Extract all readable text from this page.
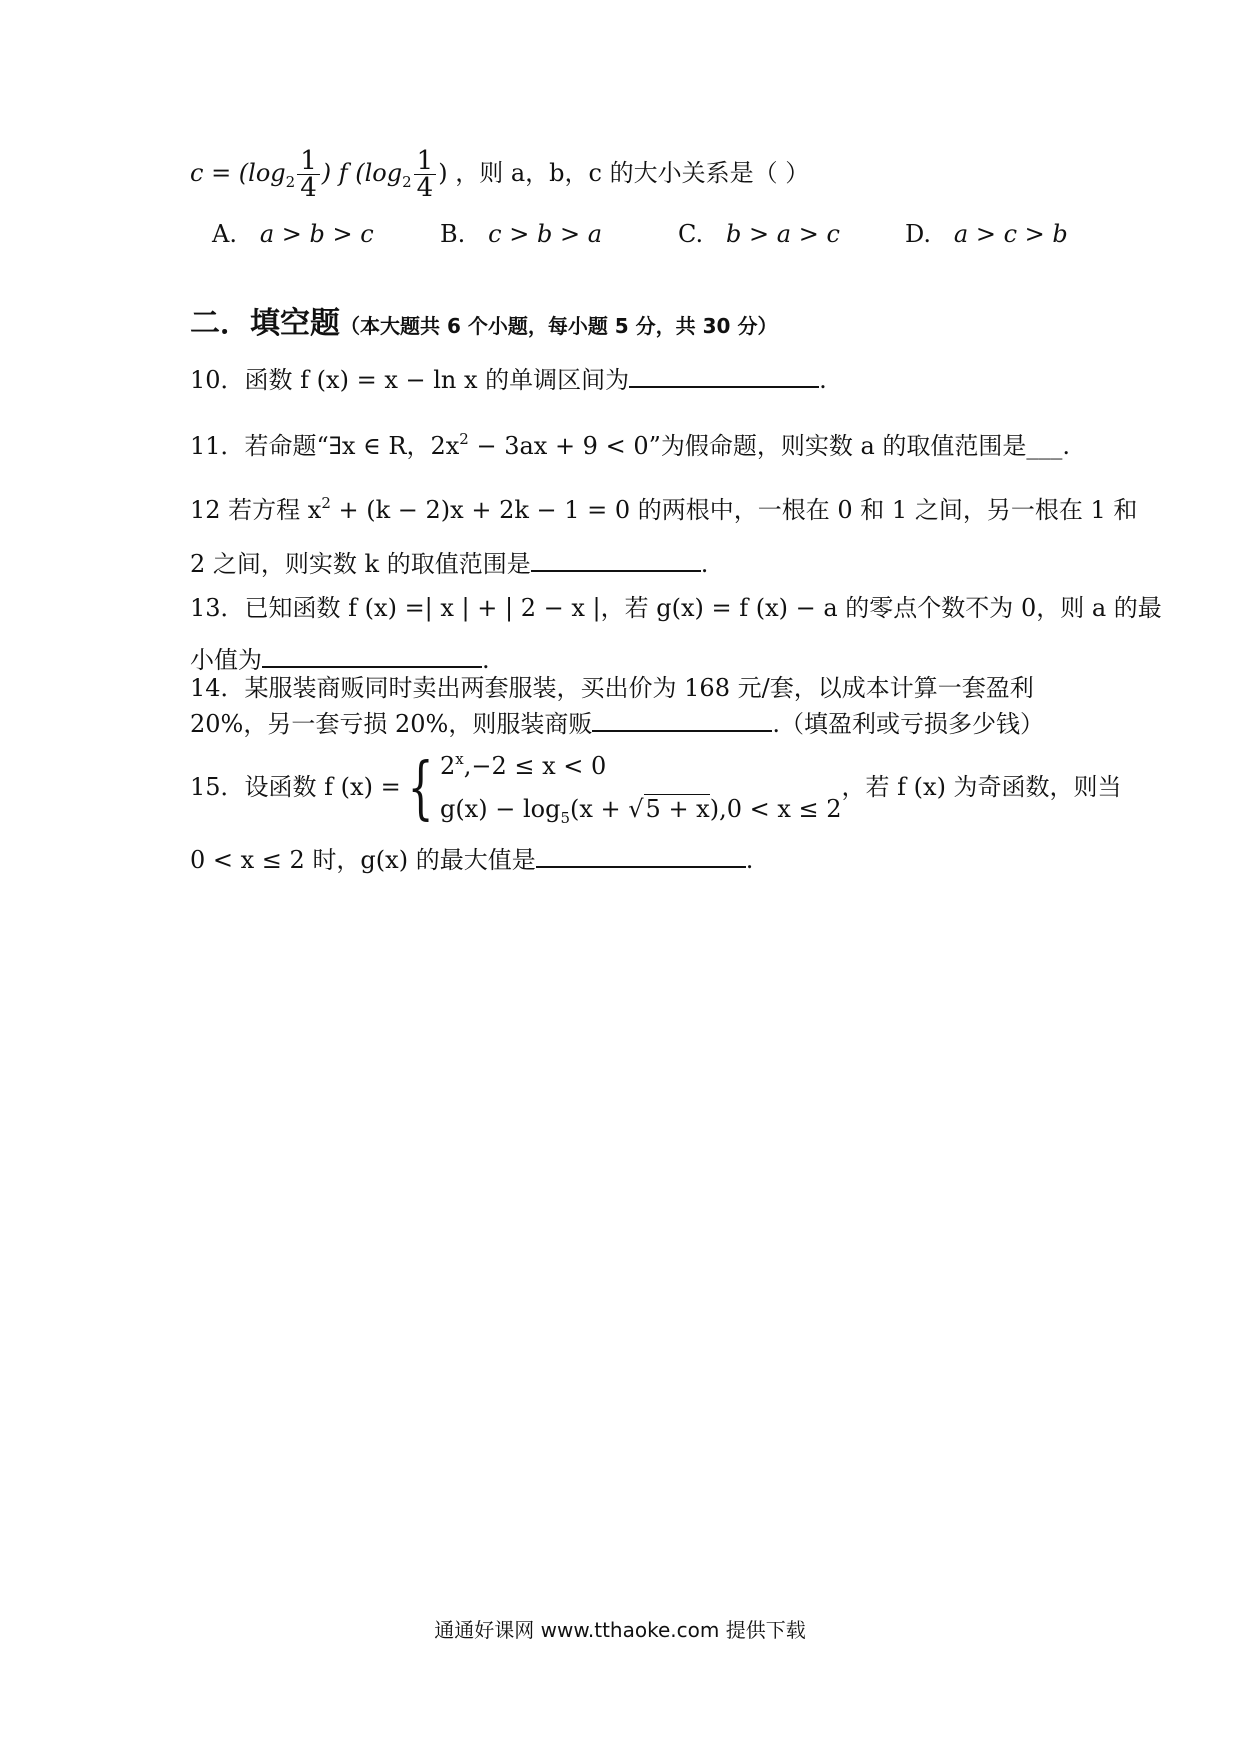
$c = (\log_2 \frac{1}{4}$ ) f ($\log_2 \frac{1}{4}$ ) ，则 a，b，c 的大小关系是（ ）
A. a > b > c	B. c > b > a	C. b > a > c	D. a > c > b
二．填空题（本大题共 6 个小题，每小题 5 分，共 30 分）
10．函数 f (x) = x − ln x 的单调区间为	.
11．若命题“∃x ∈ R，$2x^2 - 3ax + 9 < 0$”为假命题，则实数 a 的取值范围是___.
12 若方程 $x^2 + (k - 2)x + 2k - 1 = 0$ 的两根中，一根在 0 和 1 之间，另一根在 1 和
2 之间，则实数 k 的取值范围是	.
13．已知函数 f (x) =| x | + | 2 − x |，若 g(x) = f (x) − a 的零点个数不为 0，则 a 的最
小值为	.
14．某服装商贩同时卖出两套服装，买出价为 168 元/套，以成本计算一套盈利
20%，另一套亏损 20%，则服装商贩	.（填盈利或亏损多少钱）
15．设函数 f (x) ={ $2^x,-2 \le x < 0$
$g(x) - \log_5(x + √5 + x),0 < x \le 2$
，若 f (x) 为奇函数，则当
0 < x ≤ 2 时，g(x) 的最大值是	.
通通好课网 www.tthaoke.com 提供下载
